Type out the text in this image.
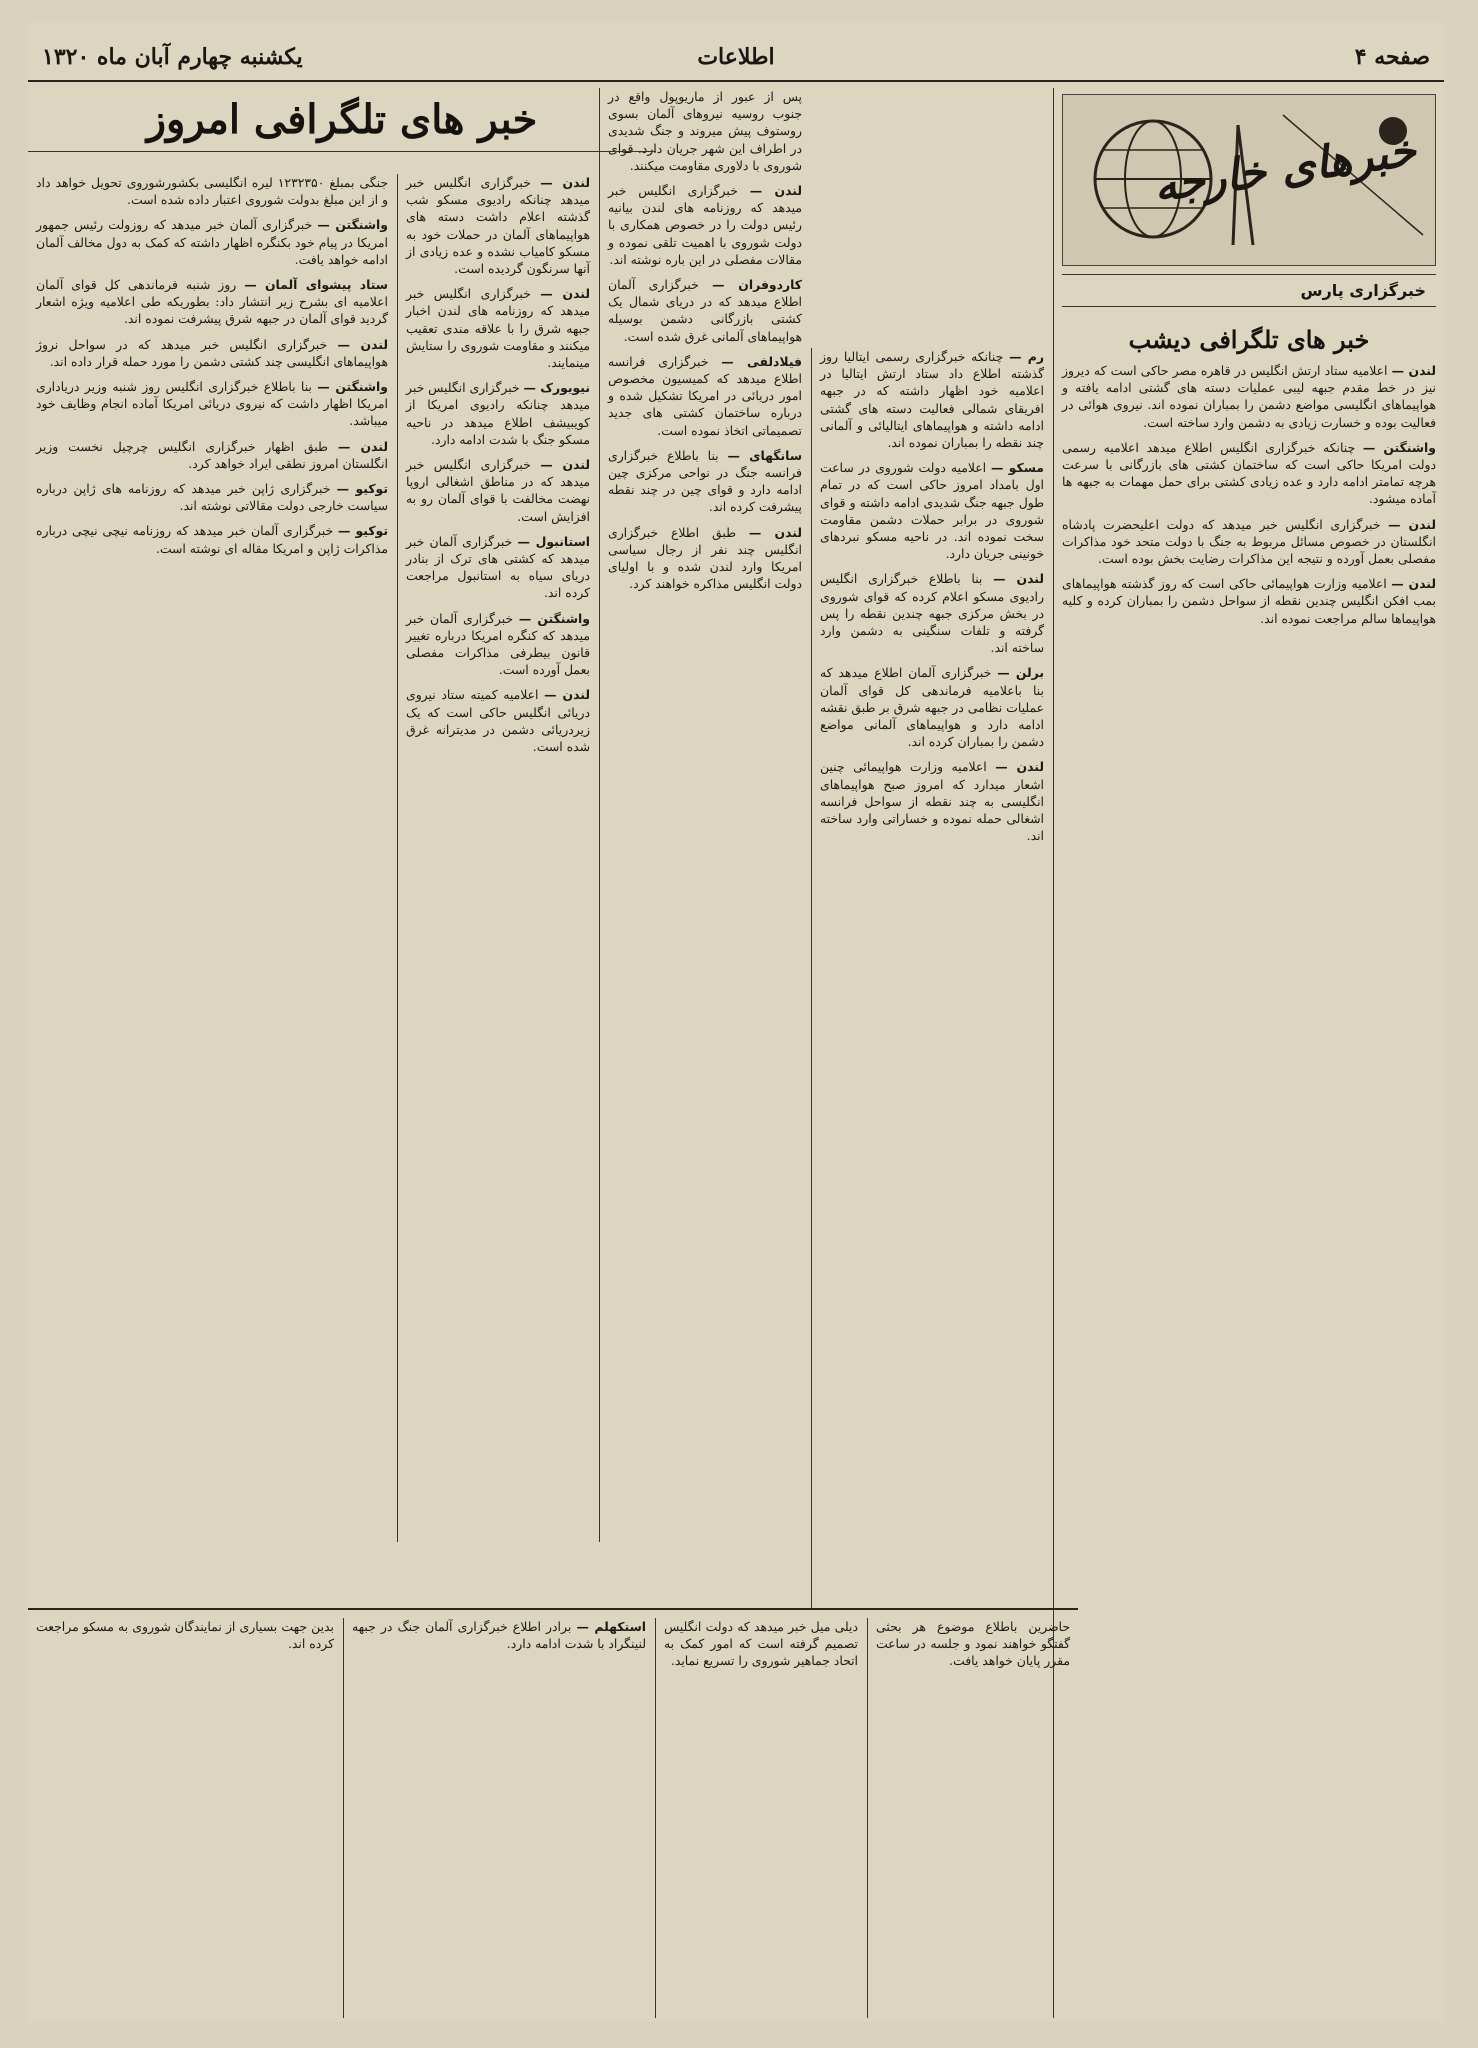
صفحه ۴
اطلاعات
یکشنبه چهارم آبان ماه ۱۳۲۰
خبرهای خارجه
خبرگزاری پارس
خبر های تلگرافی دیشب

لندن — اعلامیه ستاد ارتش انگلیس در قاهره مصر حاکی است که دیروز نیز در خط مقدم جبهه لیبی عملیات دسته های گشتی ادامه یافته و هواپیماهای انگلیسی مواضع دشمن را بمباران نموده اند. نیروی هوائی در فعالیت بوده و خسارت زیادی به دشمن وارد ساخته است.

واشنگتن — چنانکه خبرگزاری انگلیس اطلاع میدهد اعلامیه رسمی دولت امریکا حاکی است که ساختمان کشتی های بازرگانی با سرعت هرچه تمامتر ادامه دارد و عده زیادی کشتی برای حمل مهمات به جبهه ها آماده میشود.

لندن — خبرگزاری انگلیس خبر میدهد که دولت اعلیحضرت پادشاه انگلستان در خصوص مسائل مربوط به جنگ با دولت متحد خود مذاکرات مفصلی بعمل آورده و نتیجه این مذاکرات رضایت بخش بوده است.

لندن — اعلامیه وزارت هواپیمائی حاکی است که روز گذشته هواپیماهای بمب افکن انگلیس چندین نقطه از سواحل دشمن را بمباران کرده و کلیه هواپیماها سالم مراجعت نموده اند.

رم — چنانکه خبرگزاری رسمی ایتالیا روز گذشته اطلاع داد ستاد ارتش ایتالیا در اعلامیه خود اظهار داشته که در جبهه افریقای شمالی فعالیت دسته های گشتی ادامه داشته و هواپیماهای ایتالیائی و آلمانی چند نقطه را بمباران نموده اند.

مسکو — اعلامیه دولت شوروی در ساعت اول بامداد امروز حاکی است که در تمام طول جبهه جنگ شدیدی ادامه داشته و قوای شوروی در برابر حملات دشمن مقاومت سخت نموده اند. در ناحیه مسکو نبردهای خونینی جریان دارد.

لندن — بنا باطلاع خبرگزاری انگلیس رادیوی مسکو اعلام کرده که قوای شوروی در بخش مرکزی جبهه چندین نقطه را پس گرفته و تلفات سنگینی به دشمن وارد ساخته اند.

برلن — خبرگزاری آلمان اطلاع میدهد که بنا باعلامیه فرماندهی کل قوای آلمان عملیات نظامی در جبهه شرق بر طبق نقشه ادامه دارد و هواپیماهای آلمانی مواضع دشمن را بمباران کرده اند.

لندن — اعلامیه وزارت هواپیمائی چنین اشعار میدارد که امروز صبح هواپیماهای انگلیسی به چند نقطه از سواحل فرانسه اشغالی حمله نموده و خساراتی وارد ساخته اند.

پس از عبور از ماریوپول واقع در جنوب روسیه نیروهای آلمان بسوی روستوف پیش میروند و جنگ شدیدی در اطراف این شهر جریان دارد. قوای شوروی با دلاوری مقاومت میکنند.

لندن — خبرگزاری انگلیس خبر میدهد که روزنامه های لندن بیانیه رئیس دولت را در خصوص همکاری با دولت شوروی با اهمیت تلقی نموده و مقالات مفصلی در این باره نوشته اند.

کاردوفران — خبرگزاری آلمان اطلاع میدهد که در دریای شمال یک کشتی بازرگانی دشمن بوسیله هواپیماهای آلمانی غرق شده است.

فیلادلفی — خبرگزاری فرانسه اطلاع میدهد که کمیسیون مخصوص امور دریائی در امریکا تشکیل شده و درباره ساختمان کشتی های جدید تصمیماتی اتخاذ نموده است.

سانگهای — بنا باطلاع خبرگزاری فرانسه جنگ در نواحی مرکزی چین ادامه دارد و قوای چین در چند نقطه پیشرفت کرده اند.

لندن — طبق اطلاع خبرگزاری انگلیس چند نفر از رجال سیاسی امریکا وارد لندن شده و با اولیای دولت انگلیس مذاکره خواهند کرد.

لندن — خبرگزاری انگلیس خبر میدهد چنانکه رادیوی مسکو شب گذشته اعلام داشت دسته های هواپیماهای آلمان در حملات خود به مسکو کامیاب نشده و عده زیادی از آنها سرنگون گردیده است.

لندن — خبرگزاری انگلیس خبر میدهد که روزنامه های لندن اخبار جبهه شرق را با علاقه مندی تعقیب میکنند و مقاومت شوروی را ستایش مینمایند.

نیویورک — خبرگزاری انگلیس خبر میدهد چنانکه رادیوی امریکا از کویبیشف اطلاع میدهد در ناحیه مسکو جنگ با شدت ادامه دارد.

لندن — خبرگزاری انگلیس خبر میدهد که در مناطق اشغالی اروپا نهضت مخالفت با قوای آلمان رو به افزایش است.

استانبول — خبرگزاری آلمان خبر میدهد که کشتی های ترک از بنادر دریای سیاه به استانبول مراجعت کرده اند.

واشنگتن — خبرگزاری آلمان خبر میدهد که کنگره امریکا درباره تغییر قانون بیطرفی مذاکرات مفصلی بعمل آورده است.

لندن — اعلامیه کمیته ستاد نیروی دریائی انگلیس حاکی است که یک زیردریائی دشمن در مدیترانه غرق شده است.

جنگی بمبلغ ۱۲۳۲۳۵۰ لیره انگلیسی بکشورشوروی تحویل خواهد داد و از این مبلغ بدولت شوروی اعتبار داده شده است.

واشنگتن — خبرگزاری آلمان خبر میدهد که روزولت رئیس جمهور امریکا در پیام خود بکنگره اظهار داشته که کمک به دول مخالف آلمان ادامه خواهد یافت.

ستاد پیشوای آلمان — روز شنبه فرماندهی کل قوای آلمان اعلامیه ای بشرح زیر انتشار داد: بطوریکه طی اعلامیه ویژه اشعار گردید قوای آلمان در جبهه شرق پیشرفت نموده اند.

لندن — خبرگزاری انگلیس خبر میدهد که در سواحل نروژ هواپیماهای انگلیسی چند کشتی دشمن را مورد حمله قرار داده اند.

واشنگتن — بنا باطلاع خبرگزاری انگلیس روز شنبه وزیر دریاداری امریکا اظهار داشت که نیروی دریائی امریکا آماده انجام وظایف خود میباشد.

لندن — طبق اظهار خبرگزاری انگلیس چرچیل نخست وزیر انگلستان امروز نطقی ایراد خواهد کرد.

توکیو — خبرگزاری ژاپن خبر میدهد که روزنامه های ژاپن درباره سیاست خارجی دولت مقالاتی نوشته اند.

توکیو — خبرگزاری آلمان خبر میدهد که روزنامه نیچی نیچی درباره مذاکرات ژاپن و امریکا مقاله ای نوشته است.

خبر های تلگرافی امروز

حاضرین باطلاع موضوع هر بحثی گفتگو خواهند نمود و جلسه در ساعت مقرر پایان خواهد یافت.

دیلی میل خبر میدهد که دولت انگلیس تصمیم گرفته است که امور کمک به اتحاد جماهیر شوروی را تسریع نماید.

استکهلم — برادر اطلاع خبرگزاری آلمان جنگ در جبهه لنینگراد با شدت ادامه دارد.

بدین جهت بسیاری از نمایندگان شوروی به مسکو مراجعت کرده اند.
